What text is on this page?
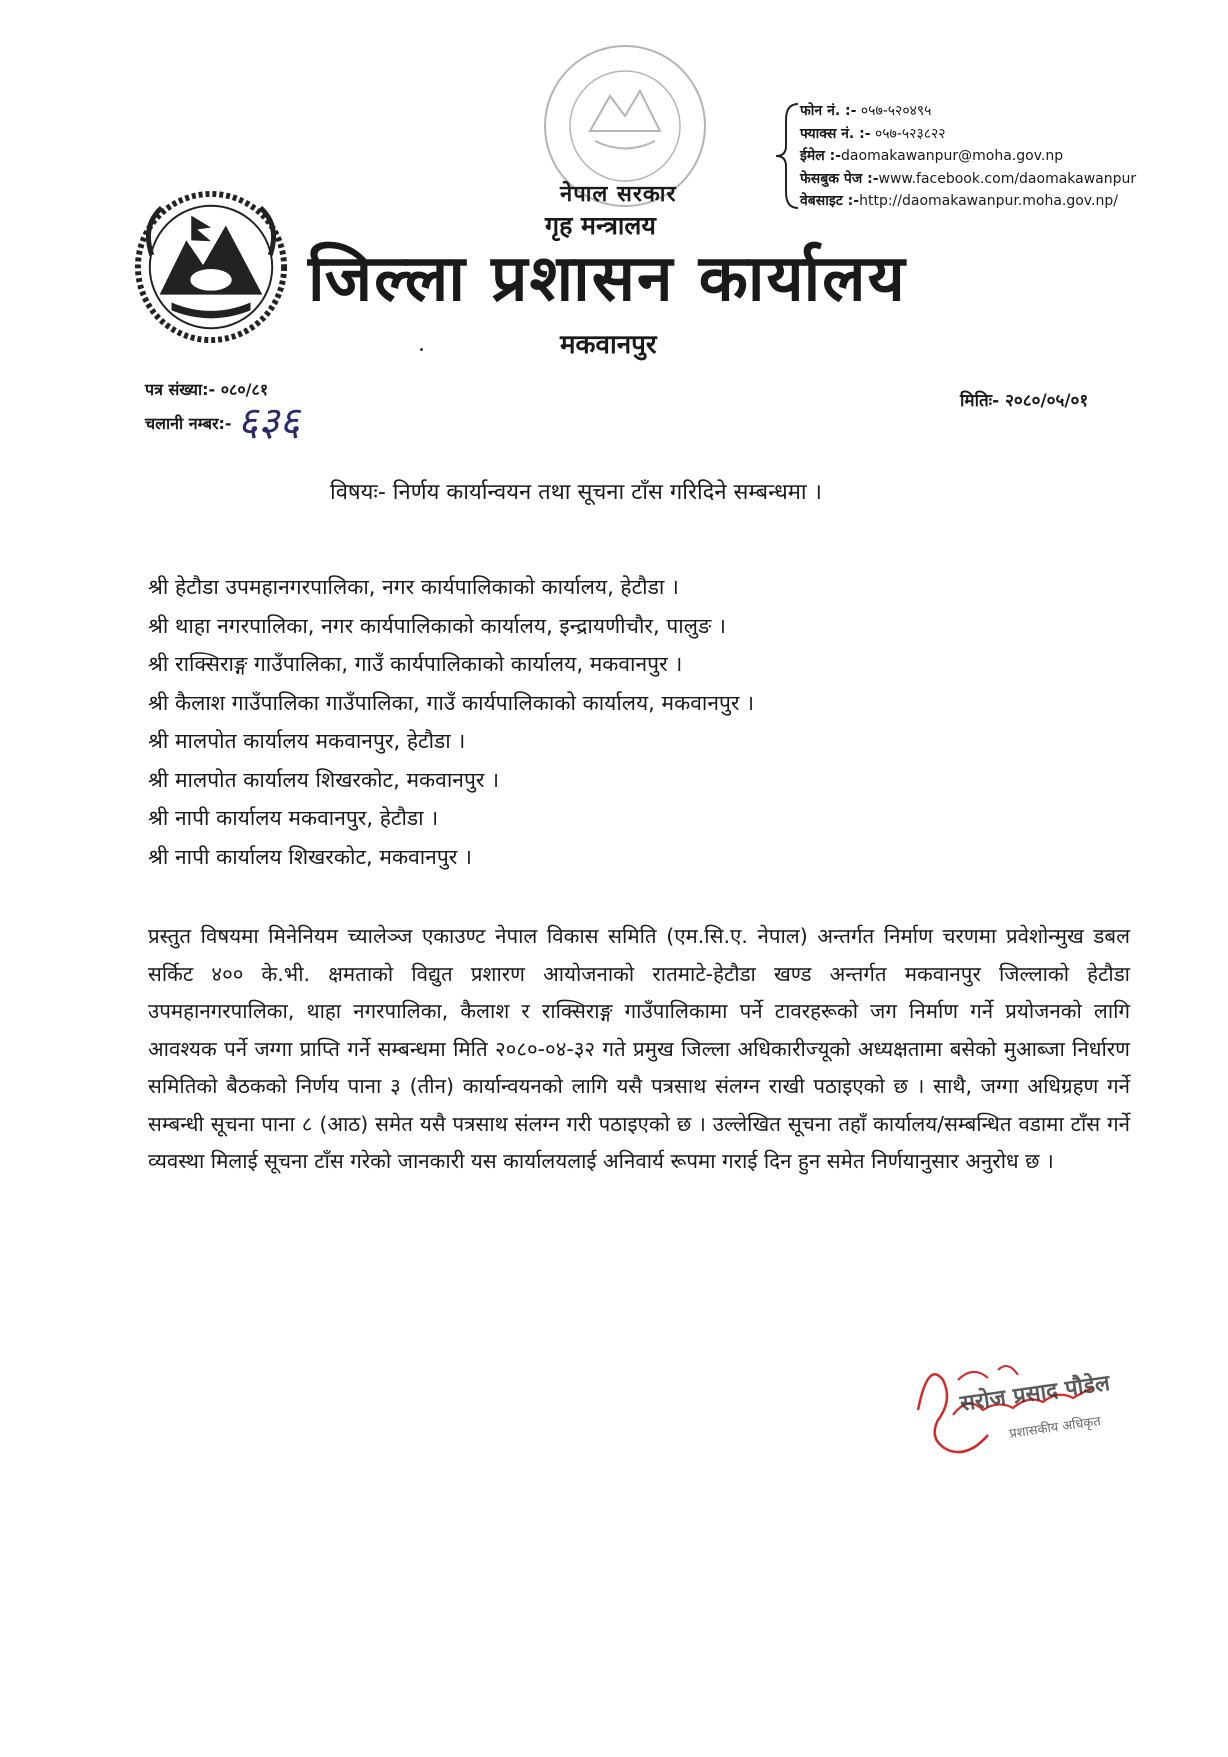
नेपाल सरकार
गृह मन्त्रालय
जिल्ला प्रशासन कार्यालय
मकवानपुर
फोन नं. :- ०५७-५२०४९५
फ्याक्स नं. :- ०५७-५२३८२२
ईमेल :-daomakawanpur@moha.gov.np
फेसबुक पेज :-www.facebook.com/daomakawanpur
वेबसाइट :-http://daomakawanpur.moha.gov.np/
पत्र संख्या:- ०८०/८१
चलानी नम्बर:- ६३६	मितिः- २०८०/०५/०१
विषयः- निर्णय कार्यान्वयन तथा सूचना टाँस गरिदिने सम्बन्धमा ।
श्री हेटौडा उपमहानगरपालिका, नगर कार्यपालिकाको कार्यालय, हेटौडा ।
श्री थाहा नगरपालिका, नगर कार्यपालिकाको कार्यालय, इन्द्रायणीचौर, पालुङ ।
श्री राक्सिराङ्ग गाउँपालिका, गाउँ कार्यपालिकाको कार्यालय, मकवानपुर ।
श्री कैलाश गाउँपालिका गाउँपालिका, गाउँ कार्यपालिकाको कार्यालय, मकवानपुर ।
श्री मालपोत कार्यालय मकवानपुर, हेटौडा ।
श्री मालपोत कार्यालय शिखरकोट, मकवानपुर ।
श्री नापी कार्यालय मकवानपुर, हेटौडा ।
श्री नापी कार्यालय शिखरकोट, मकवानपुर ।
प्रस्तुत विषयमा मिनेनियम च्यालेञ्ज एकाउण्ट नेपाल विकास समिति (एम.सि.ए. नेपाल) अन्तर्गत निर्माण चरणमा प्रवेशोन्मुख डबल सर्किट ४०० के.भी. क्षमताको विद्युत प्रशारण आयोजनाको रातमाटे-हेटौडा खण्ड अन्तर्गत मकवानपुर जिल्लाको हेटौडा उपमहानगरपालिका, थाहा नगरपालिका, कैलाश र राक्सिराङ्ग गाउँपालिकामा पर्ने टावरहरूको जग निर्माण गर्ने प्रयोजनको लागि आवश्यक पर्ने जग्गा प्राप्ति गर्ने सम्बन्धमा मिति २०८०-०४-३२ गते प्रमुख जिल्ला अधिकारीज्यूको अध्यक्षतामा बसेको मुआब्जा निर्धारण समितिको बैठकको निर्णय पाना ३ (तीन) कार्यान्वयनको लागि यसै पत्रसाथ संलग्न राखी पठाइएको छ । साथै, जग्गा अधिग्रहण गर्ने सम्बन्धी सूचना पाना ८ (आठ) समेत यसै पत्रसाथ संलग्न गरी पठाइएको छ । उल्लेखित सूचना तहाँ कार्यालय/सम्बन्धित वडामा टाँस गर्ने व्यवस्था मिलाई सूचना टाँस गरेको जानकारी यस कार्यालयलाई अनिवार्य रूपमा गराई दिन हुन समेत निर्णयानुसार अनुरोध छ ।
सरोज प्रसाद पौडेल
प्रशासकीय अधिकृत
